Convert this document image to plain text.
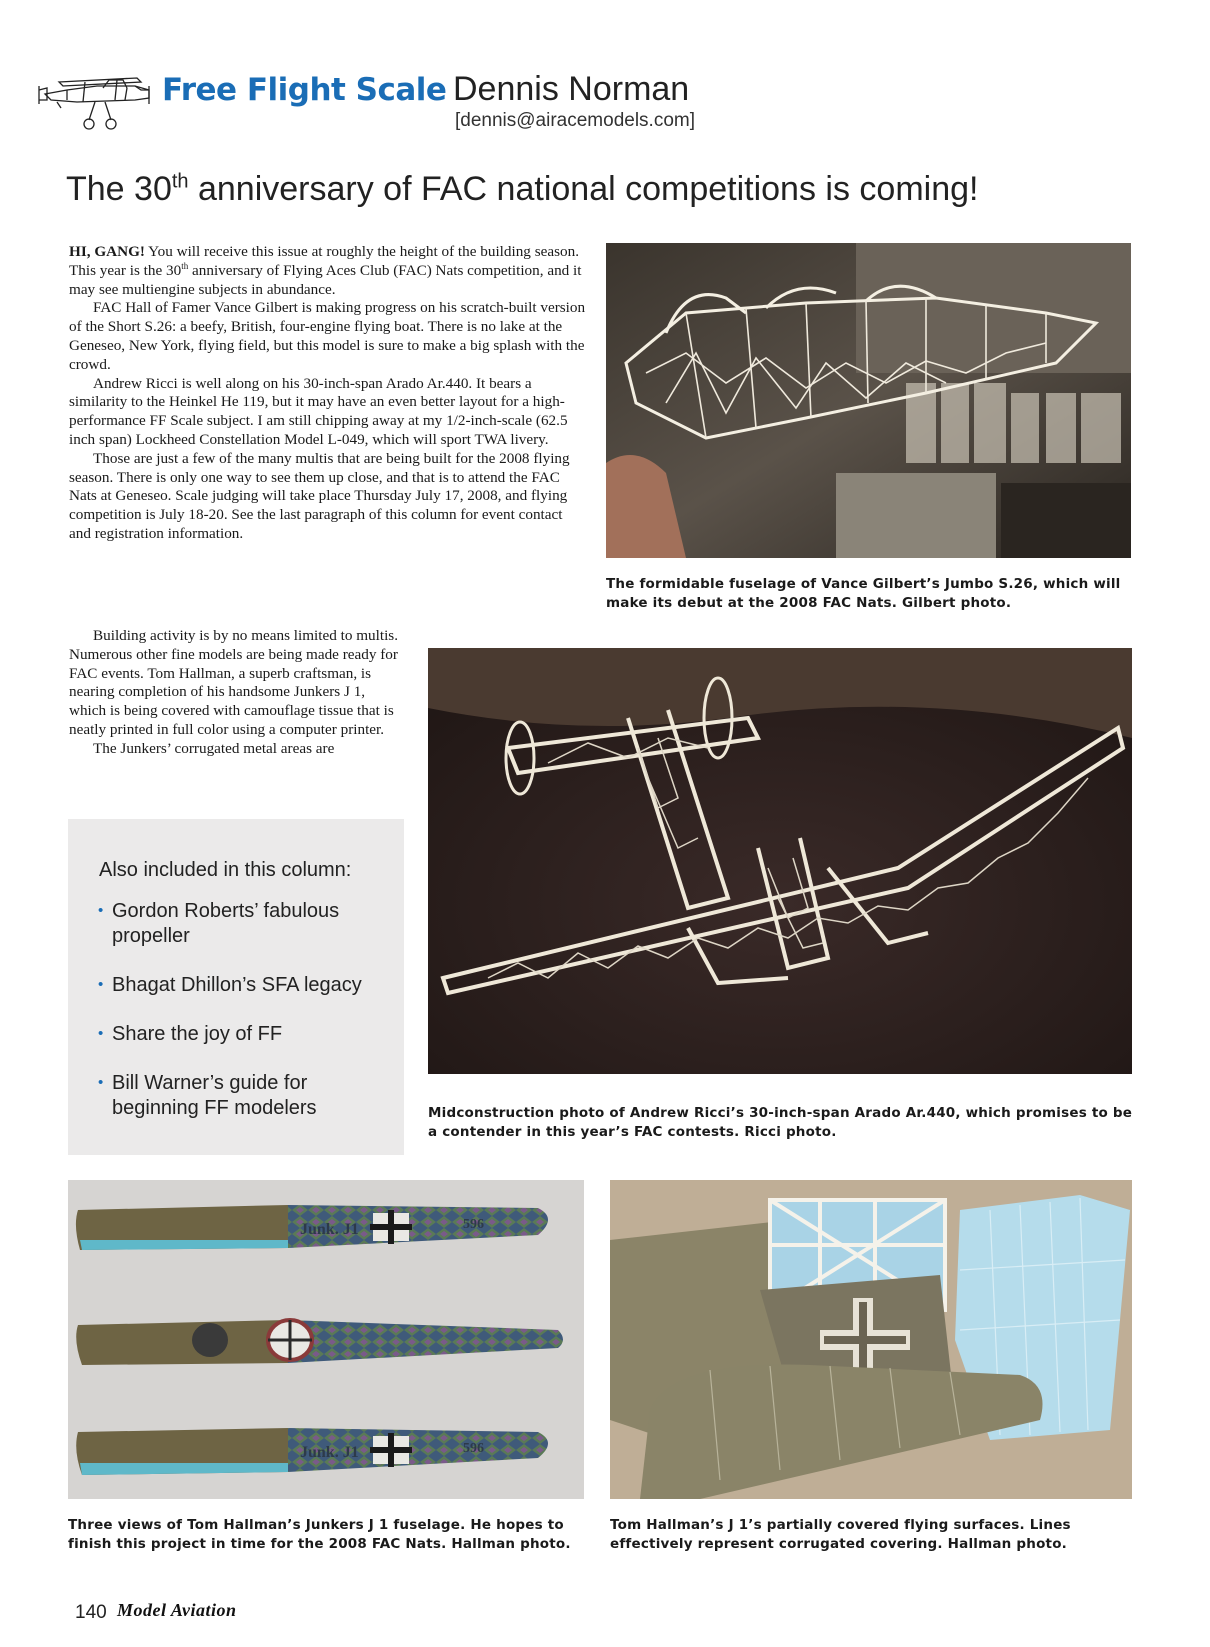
Free Flight Scale Dennis Norman
[dennis@airacemodels.com]
The 30th anniversary of FAC national competitions is coming!

HI, GANG! You will receive this issue at roughly the height of the building season. This year is the 30th anniversary of Flying Aces Club (FAC) Nats competition, and it may see multiengine subjects in abundance.

FAC Hall of Famer Vance Gilbert is making progress on his scratch-built version of the Short S.26: a beefy, British, four-engine flying boat. There is no lake at the Geneseo, New York, flying field, but this model is sure to make a big splash with the crowd.

Andrew Ricci is well along on his 30-inch-span Arado Ar.440. It bears a similarity to the Heinkel He 119, but it may have an even better layout for a high-performance FF Scale subject. I am still chipping away at my 1/2-inch-scale (62.5 inch span) Lockheed Constellation Model L-049, which will sport TWA livery.

Those are just a few of the many multis that are being built for the 2008 flying season. There is only one way to see them up close, and that is to attend the FAC Nats at Geneseo. Scale judging will take place Thursday July 17, 2008, and flying competition is July 18-20. See the last paragraph of this column for event contact and registration information.

Building activity is by no means limited to multis. Numerous other fine models are being made ready for FAC events. Tom Hallman, a superb craftsman, is nearing completion of his handsome Junkers J 1, which is being covered with camouflage tissue that is neatly printed in full color using a computer printer.

The Junkers’ corrugated metal areas are

Also included in this column:
• Gordon Roberts’ fabulous propeller
• Bhagat Dhillon’s SFA legacy
• Share the joy of FF
• Bill Warner’s guide for beginning FF modelers
The formidable fuselage of Vance Gilbert’s Jumbo S.26, which will make its debut at the 2008 FAC Nats. Gilbert photo.
Midconstruction photo of Andrew Ricci’s 30-inch-span Arado Ar.440, which promises to be a contender in this year’s FAC contests. Ricci photo.
Junk. J1	596
Junk. J1	596
Three views of Tom Hallman’s Junkers J 1 fuselage. He hopes to finish this project in time for the 2008 FAC Nats. Hallman photo.
Tom Hallman’s J 1’s partially covered flying surfaces. Lines effectively represent corrugated covering. Hallman photo.
140 Model Aviation
